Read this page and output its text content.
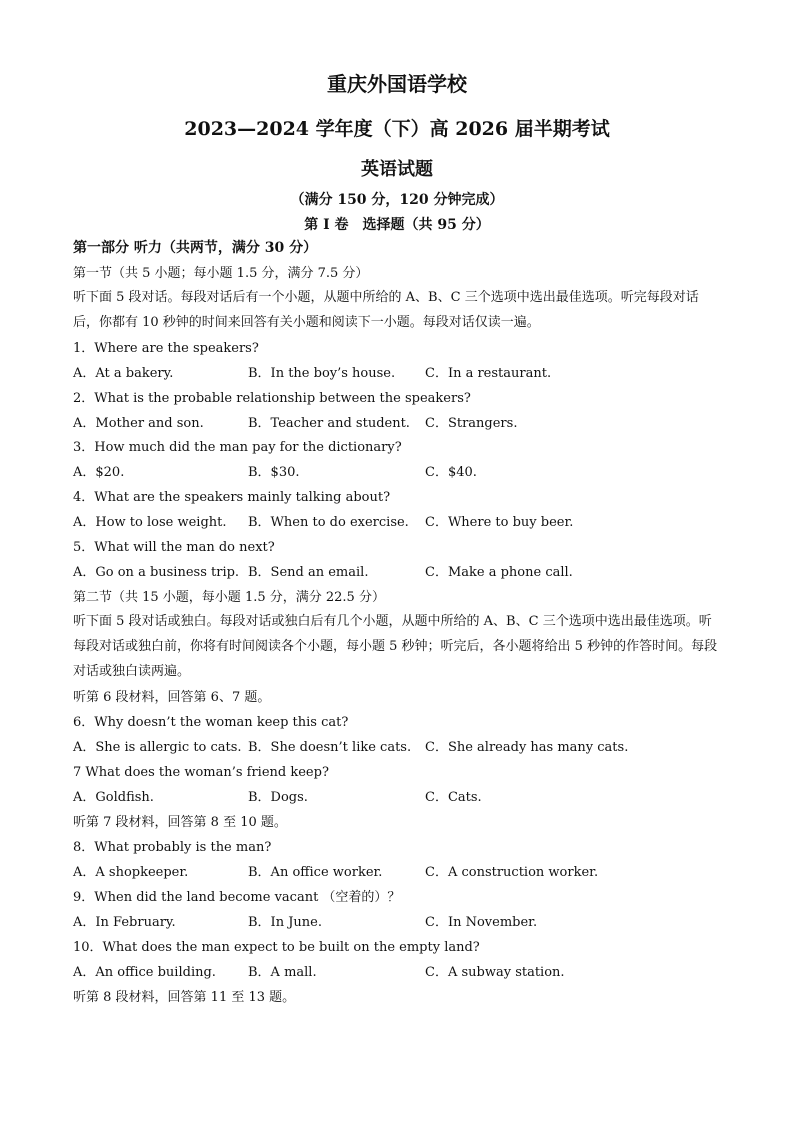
重庆外国语学校
2023—2024 学年度（下）高 2026 届半期考试
英语试题
（满分 150 分，120 分钟完成）
第 I 卷　选择题（共 95 分）
第一部分 听力（共两节，满分 30 分）
第一节（共 5 小题；每小题 1.5 分，满分 7.5 分）
听下面 5 段对话。每段对话后有一个小题，从题中所给的 A、B、C 三个选项中选出最佳选项。听完每段对话后，你都有 10 秒钟的时间来回答有关小题和阅读下一小题。每段对话仅读一遍。
1．Where are the speakers?
A．At a bakery.	B．In the boy’s house. C．In a restaurant.
2．What is the probable relationship between the speakers?
A．Mother and son.	B．Teacher and student. C．Strangers.
3．How much did the man pay for the dictionary?
A．$20.	B．$30.	C．$40.
4．What are the speakers mainly talking about?
A．How to lose weight. B．When to do exercise. C．Where to buy beer.
5．What will the man do next?
A．Go on a business trip. B．Send an email.	C．Make a phone call.
第二节（共 15 小题，每小题 1.5 分，满分 22.5 分）
听下面 5 段对话或独白。每段对话或独白后有几个小题，从题中所给的 A、B、C 三个选项中选出最佳选项。听每段对话或独白前，你将有时间阅读各个小题，每小题 5 秒钟；听完后，各小题将给出 5 秒钟的作答时间。每段对话或独白读两遍。
听第 6 段材料，回答第 6、7 题。
6．Why doesn’t the woman keep this cat?
A．She is allergic to cats. B．She doesn’t like cats. C．She already has many cats.
7 What does the woman’s friend keep?
A．Goldfish.	B．Dogs.	C．Cats.
听第 7 段材料，回答第 8 至 10 题。
8．What probably is the man?
A．A shopkeeper.	B．An office worker.	C．A construction worker.
9．When did the land become vacant （空着的）？
A．In February.	B．In June.	C．In November.
10．What does the man expect to be built on the empty land?
A．An office building. B．A mall.	C．A subway station.
听第 8 段材料，回答第 11 至 13 题。
